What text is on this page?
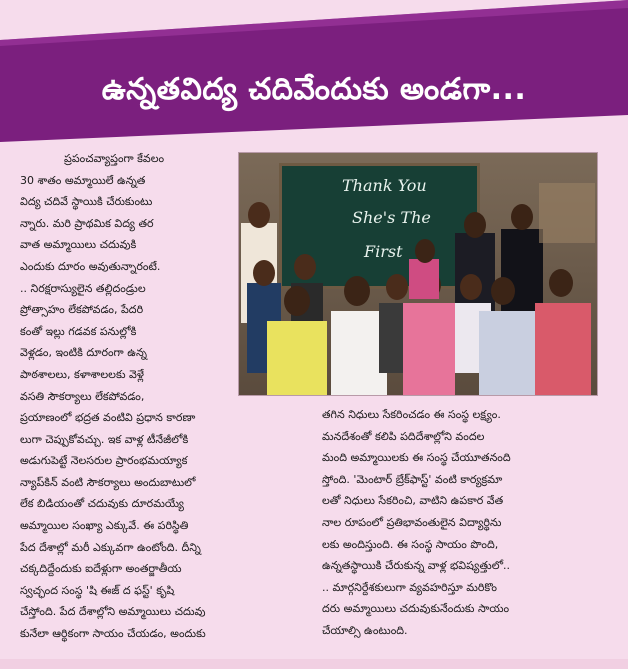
ఉన్నతవిద్య చదివేందుకు అండగా...
ప్రపంచవ్యాప్తంగా కేవలం
30 శాతం అమ్మాయిలే ఉన్నత
విద్య చదివే స్థాయికి చేరుకుంటు
న్నారు. మరి ప్రాథమిక విద్య తర
వాత అమ్మాయిలు చదువుకి
ఎందుకు దూరం అవుతున్నారంటే.
.. నిరక్షరాస్యులైన తల్లిదండ్రుల
ప్రోత్సాహం లేకపోవడం, పేదరి
కంతో ఇల్లు గడవక పనుల్లోకి
వెళ్లడం, ఇంటికి దూరంగా ఉన్న
పాఠశాలలు, కళాశాలలకు వెళ్లే
వసతి సౌకర్యాలు లేకపోవడం,
ప్రయాణంలో భద్రత వంటివి ప్రధాన కారణా
లుగా చెప్పుకోవచ్చు. ఇక వాళ్ల టీనేజీలోకి
అడుగుపెట్టే నెలసరుల ప్రారంభమయ్యాక
న్యాప్‌కిన్ వంటి సౌకర్యాలు అందుబాటులో
లేక బిడియంతో చదువుకు దూరమయ్యే
అమ్మాయిల సంఖ్యా ఎక్కువే. ఈ పరిస్థితి
పేద దేశాల్లో మరీ ఎక్కువగా ఉంటోంది. దీన్ని
చక్కదిద్దేందుకు ఐదేళ్లుగా అంతర్జాతీయ
స్వచ్ఛంద సంస్థ 'షి ఈజ్ ద ఫస్ట్' కృషి
చేస్తోంది. పేద దేశాల్లోని అమ్మాయిలు చదువు
కునేలా ఆర్థికంగా సాయం చేయడం, అందుకు
Thank You
She's The
First
తగిన నిధులు సేకరించడం ఈ సంస్థ లక్ష్యం.
మనదేశంతో కలిపి పదిదేశాల్లోని వందల
మంది అమ్మాయిలకు ఈ సంస్థ చేయూతనంది
స్తోంది. 'మెంటార్ బ్రేక్‌ఫాస్ట్' వంటి కార్యక్రమా
లతో నిధులు సేకరించి, వాటిని ఉపకార వేత
నాల రూపంలో ప్రతిభావంతులైన విద్యార్థిను
లకు అందిస్తుంది. ఈ సంస్థ సాయం పొంది,
ఉన్నతస్థాయికి చేరుకున్న వాళ్ల భవిష్యత్తులో..
.. మార్గనిర్దేశకులుగా వ్యవహరిస్తూ మరికొం
దరు అమ్మాయిలు చదువుకునేందుకు సాయం
చేయాల్సి ఉంటుంది.
